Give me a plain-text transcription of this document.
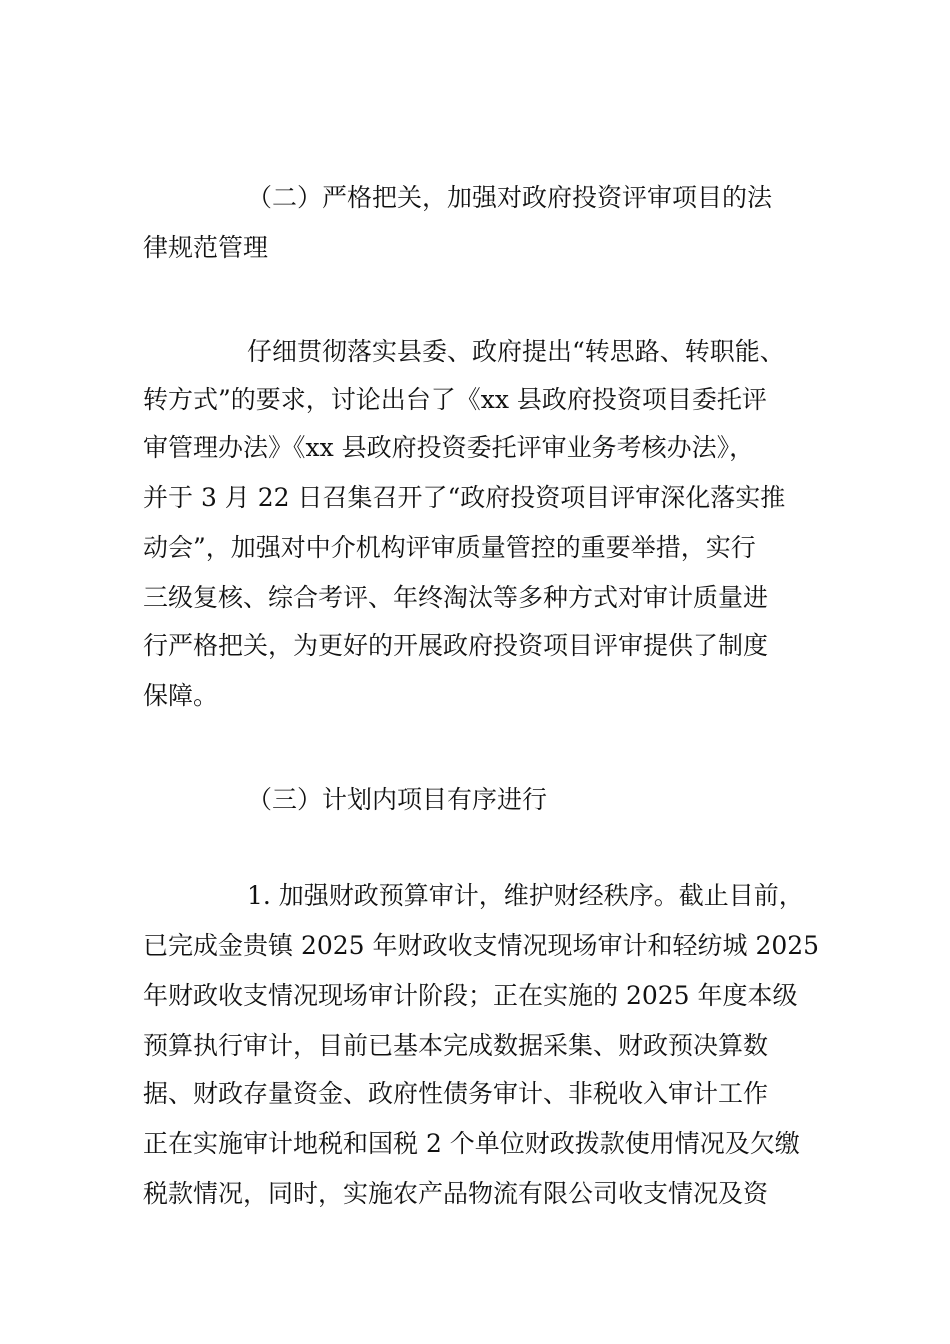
（二）严格把关，加强对政府投资评审项目的法
律规范管理
仔细贯彻落实县委、政府提出“转思路、转职能、
转方式”的要求，讨论出台了《xx 县政府投资项目委托评
审管理办法》《xx 县政府投资委托评审业务考核办法》，
并于 3 月 22 日召集召开了“政府投资项目评审深化落实推
动会”，加强对中介机构评审质量管控的重要举措，实行
三级复核、综合考评、年终淘汰等多种方式对审计质量进
行严格把关，为更好的开展政府投资项目评审提供了制度
保障。
（三）计划内项目有序进行
1. 加强财政预算审计，维护财经秩序。截止目前，
已完成金贵镇 2025 年财政收支情况现场审计和轻纺城 2025
年财政收支情况现场审计阶段；正在实施的 2025 年度本级
预算执行审计，目前已基本完成数据采集、财政预决算数
据、财政存量资金、政府性债务审计、非税收入审计工作
正在实施审计地税和国税 2 个单位财政拨款使用情况及欠缴
税款情况，同时，实施农产品物流有限公司收支情况及资
